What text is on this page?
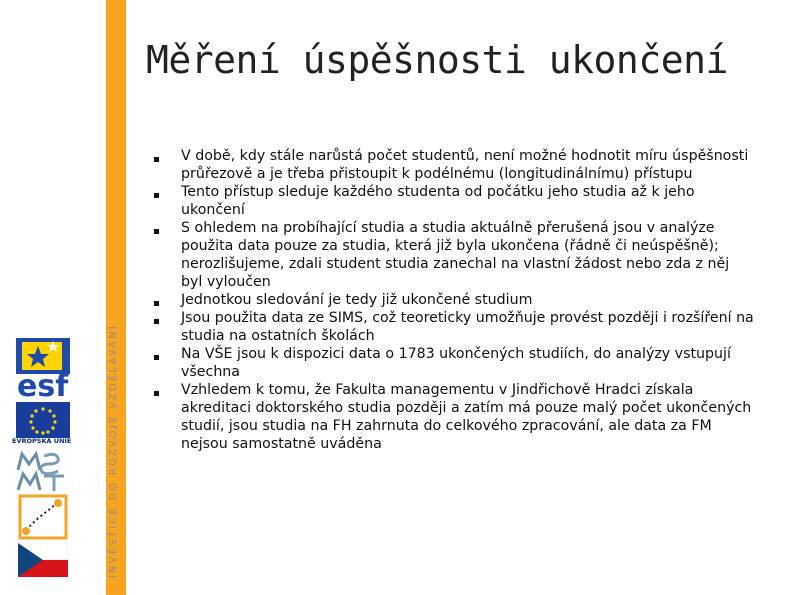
INVESTICE DO ROZVOJE VZDĚLÁVÁNÍ
esf
EVROPSKÁ UNIE
Měření úspěšnosti ukončení
V době, kdy stále narůstá počet studentů, není možné hodnotit míru úspěšnosti průřezově a je třeba přistoupit k podélnému (longitudinálnímu) přístupu
Tento přístup sleduje každého studenta od počátku jeho studia až k jeho ukončení
S ohledem na probíhající studia a studia aktuálně přerušená jsou v analýze použita data pouze za studia, která již byla ukončena (řádně či neúspěšně); nerozlišujeme, zdali student studia zanechal na vlastní žádost nebo zda z něj byl vyloučen
Jednotkou sledování je tedy již ukončené studium
Jsou použita data ze SIMS, což teoreticky umožňuje provést později i rozšíření na studia na ostatních školách
Na VŠE jsou k dispozici data o 1783 ukončených studiích, do analýzy vstupují všechna
Vzhledem k tomu, že Fakulta managementu v Jindřichově Hradci získala akreditaci doktorského studia později a zatím má pouze malý počet ukončených studií, jsou studia na FH zahrnuta do celkového zpracování, ale data za FM nejsou samostatně uváděna
